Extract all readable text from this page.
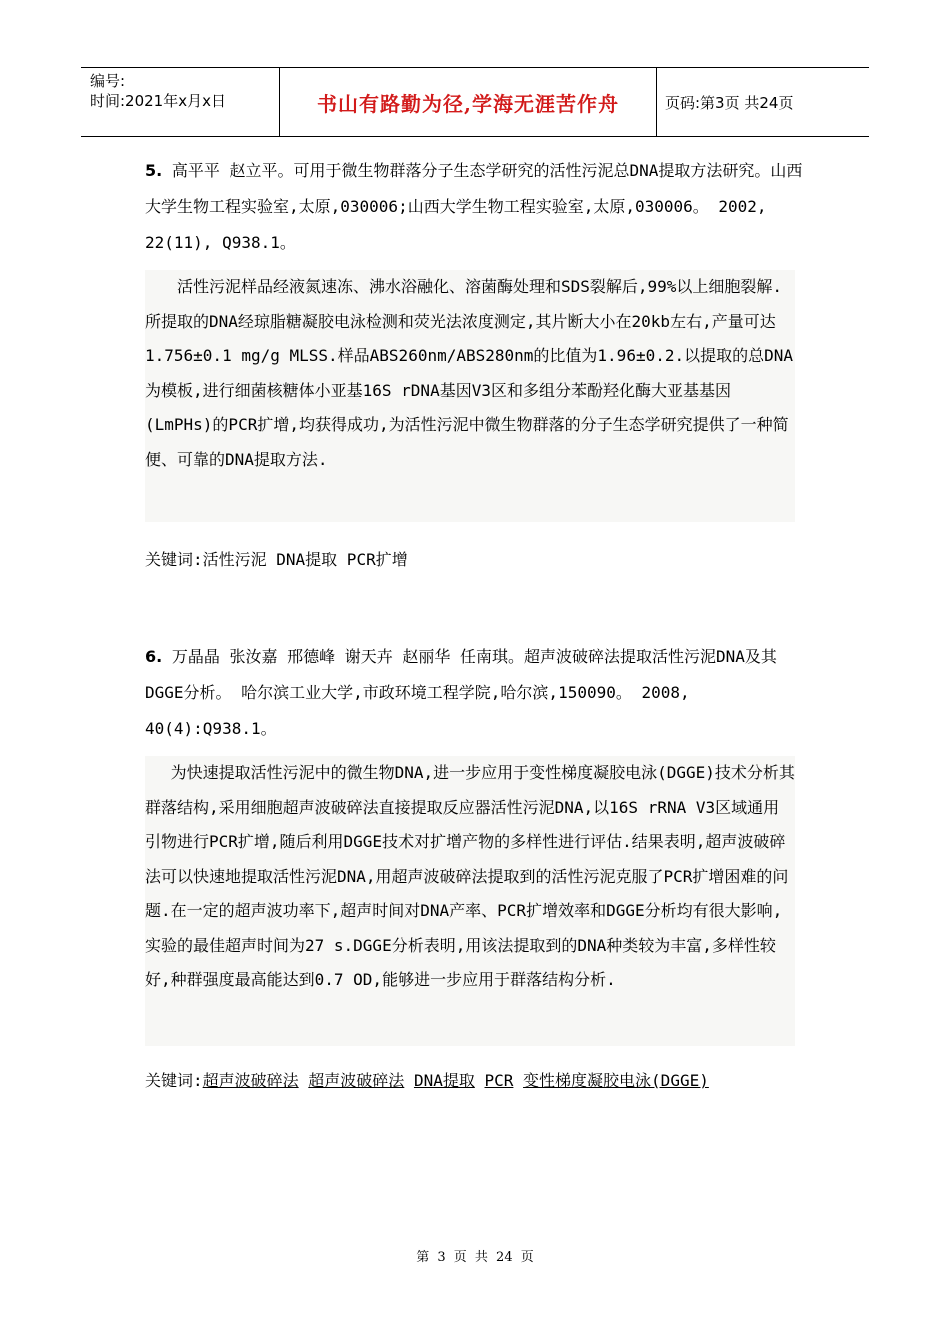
编号:
时间:2021年x月x日	书山有路勤为径,学海无涯苦作舟	页码:第3页 共24页
5. 高平平 赵立平。可用于微生物群落分子生态学研究的活性污泥总DNA提取方法研究。山西大学生物工程实验室,太原,030006;山西大学生物工程实验室,太原,030006。 2002, 22(11), Q938.1。
活性污泥样品经液氮速冻、沸水浴融化、溶菌酶处理和SDS裂解后,99%以上细胞裂解.所提取的DNA经琼脂糖凝胶电泳检测和荧光法浓度测定,其片断大小在20kb左右,产量可达1.756±0.1 mg/g MLSS.样品ABS260nm/ABS280nm的比值为1.96±0.2.以提取的总DNA为模板,进行细菌核糖体小亚基16S rDNA基因V3区和多组分苯酚羟化酶大亚基基因(LmPHs)的PCR扩增,均获得成功,为活性污泥中微生物群落的分子生态学研究提供了一种简便、可靠的DNA提取方法.
关键词:活性污泥 DNA提取 PCR扩增
6. 万晶晶 张汝嘉 邢德峰 谢天卉 赵丽华 任南琪。超声波破碎法提取活性污泥DNA及其DGGE分析。 哈尔滨工业大学,市政环境工程学院,哈尔滨,150090。 2008, 40(4):Q938.1。
为快速提取活性污泥中的微生物DNA,进一步应用于变性梯度凝胶电泳(DGGE)技术分析其群落结构,采用细胞超声波破碎法直接提取反应器活性污泥DNA,以16S rRNA V3区域通用引物进行PCR扩增,随后利用DGGE技术对扩增产物的多样性进行评估.结果表明,超声波破碎法可以快速地提取活性污泥DNA,用超声波破碎法提取到的活性污泥克服了PCR扩增困难的问题.在一定的超声波功率下,超声时间对DNA产率、PCR扩增效率和DGGE分析均有很大影响,实验的最佳超声时间为27 s.DGGE分析表明,用该法提取到的DNA种类较为丰富,多样性较好,种群强度最高能达到0.7 OD,能够进一步应用于群落结构分析.
关键词:超声波破碎法 超声波破碎法 DNA提取 PCR 变性梯度凝胶电泳(DGGE)
第 3 页 共 24 页
